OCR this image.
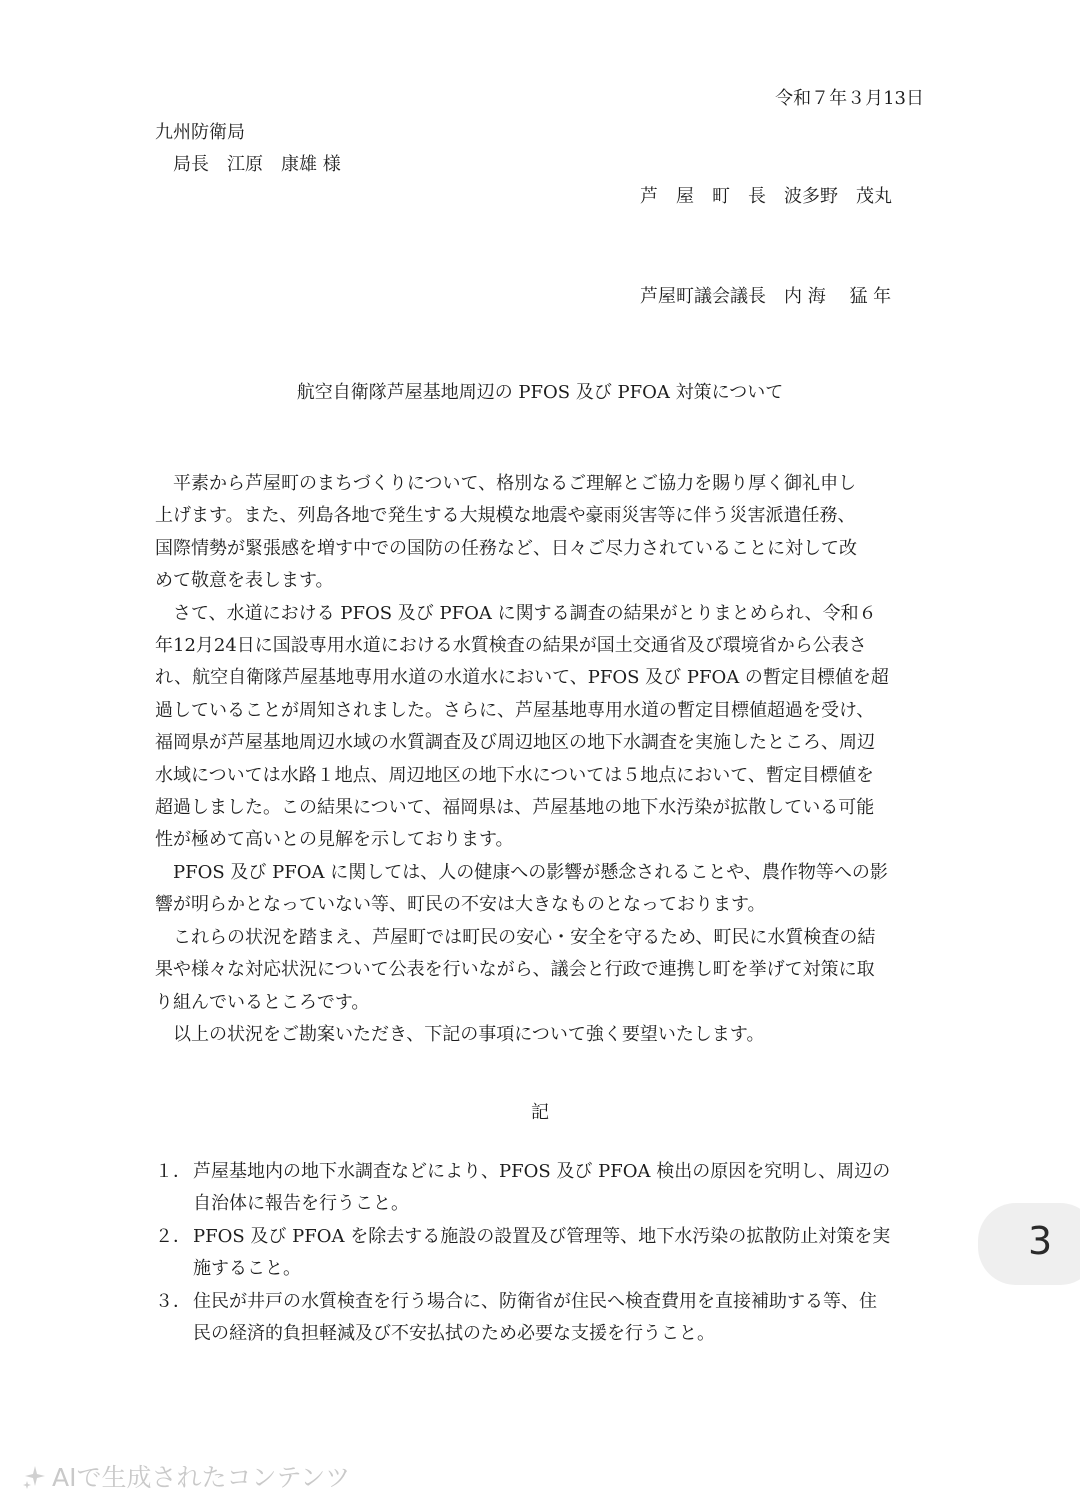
令和７年３月13日
九州防衛局
局長　江原　康雄 様
芦　屋　町　長　波多野　茂丸
芦屋町議会議長　内 海　 猛 年
航空自衛隊芦屋基地周辺の PFOS 及び PFOA 対策について

　平素から芦屋町のまちづくりについて、格別なるご理解とご協力を賜り厚く御礼申し
上げます。また、列島各地で発生する大規模な地震や豪雨災害等に伴う災害派遣任務、
国際情勢が緊張感を増す中での国防の任務など、日々ご尽力されていることに対して改
めて敬意を表します。

　さて、水道における PFOS 及び PFOA に関する調査の結果がとりまとめられ、令和６
年12月24日に国設専用水道における水質検査の結果が国土交通省及び環境省から公表さ
れ、航空自衛隊芦屋基地専用水道の水道水において、PFOS 及び PFOA の暫定目標値を超
過していることが周知されました。さらに、芦屋基地専用水道の暫定目標値超過を受け、
福岡県が芦屋基地周辺水域の水質調査及び周辺地区の地下水調査を実施したところ、周辺
水域については水路１地点、周辺地区の地下水については５地点において、暫定目標値を
超過しました。この結果について、福岡県は、芦屋基地の地下水汚染が拡散している可能
性が極めて高いとの見解を示しております。

　PFOS 及び PFOA に関しては、人の健康への影響が懸念されることや、農作物等への影
響が明らかとなっていない等、町民の不安は大きなものとなっております。

　これらの状況を踏まえ、芦屋町では町民の安心・安全を守るため、町民に水質検査の結
果や様々な対応状況について公表を行いながら、議会と行政で連携し町を挙げて対策に取
り組んでいるところです。

　以上の状況をご勘案いただき、下記の事項について強く要望いたします。

記
１． 芦屋基地内の地下水調査などにより、PFOS 及び PFOA 検出の原因を究明し、周辺の
自治体に報告を行うこと。
２． PFOS 及び PFOA を除去する施設の設置及び管理等、地下水汚染の拡散防止対策を実
施すること。
３． 住民が井戸の水質検査を行う場合に、防衛省が住民へ検査費用を直接補助する等、住
民の経済的負担軽減及び不安払拭のため必要な支援を行うこと。
3
AIで生成されたコンテンツ
